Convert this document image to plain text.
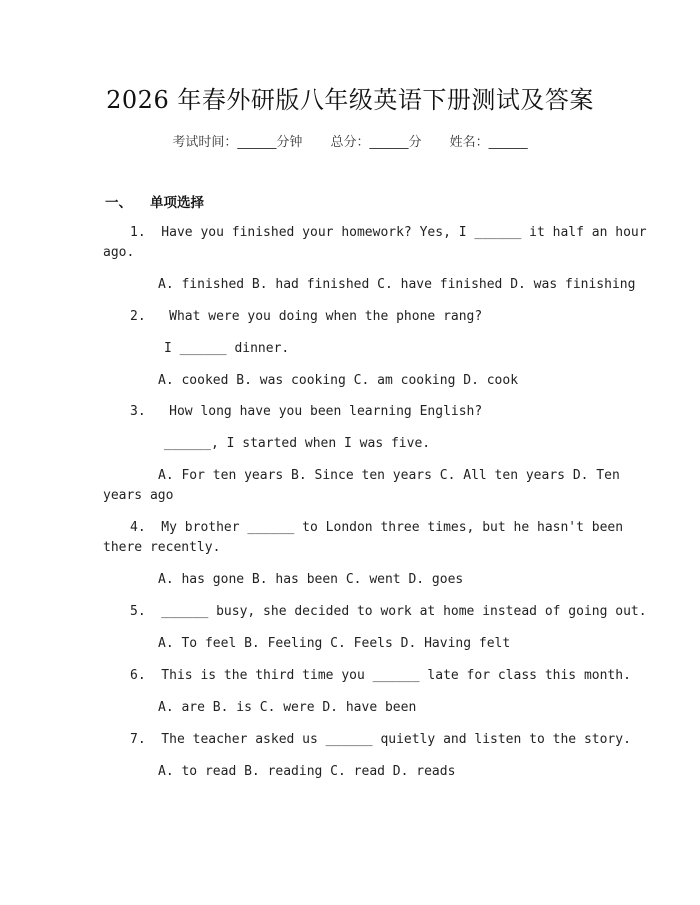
2026 年春外研版八年级英语下册测试及答案
考试时间：______分钟 总分：______分 姓名：______
一、 单项选择
1.  Have you finished your homework? Yes, I ______ it half an hour
ago.
A. finished B. had finished C. have finished D. was finishing
2.   What were you doing when the phone rang?
I ______ dinner.
A. cooked B. was cooking C. am cooking D. cook
3.   How long have you been learning English?
______, I started when I was five.
A. For ten years B. Since ten years C. All ten years D. Ten
years ago
4.  My brother ______ to London three times, but he hasn't been
there recently.
A. has gone B. has been C. went D. goes
5.  ______ busy, she decided to work at home instead of going out.
A. To feel B. Feeling C. Feels D. Having felt
6.  This is the third time you ______ late for class this month.
A. are B. is C. were D. have been
7.  The teacher asked us ______ quietly and listen to the story.
A. to read B. reading C. read D. reads
